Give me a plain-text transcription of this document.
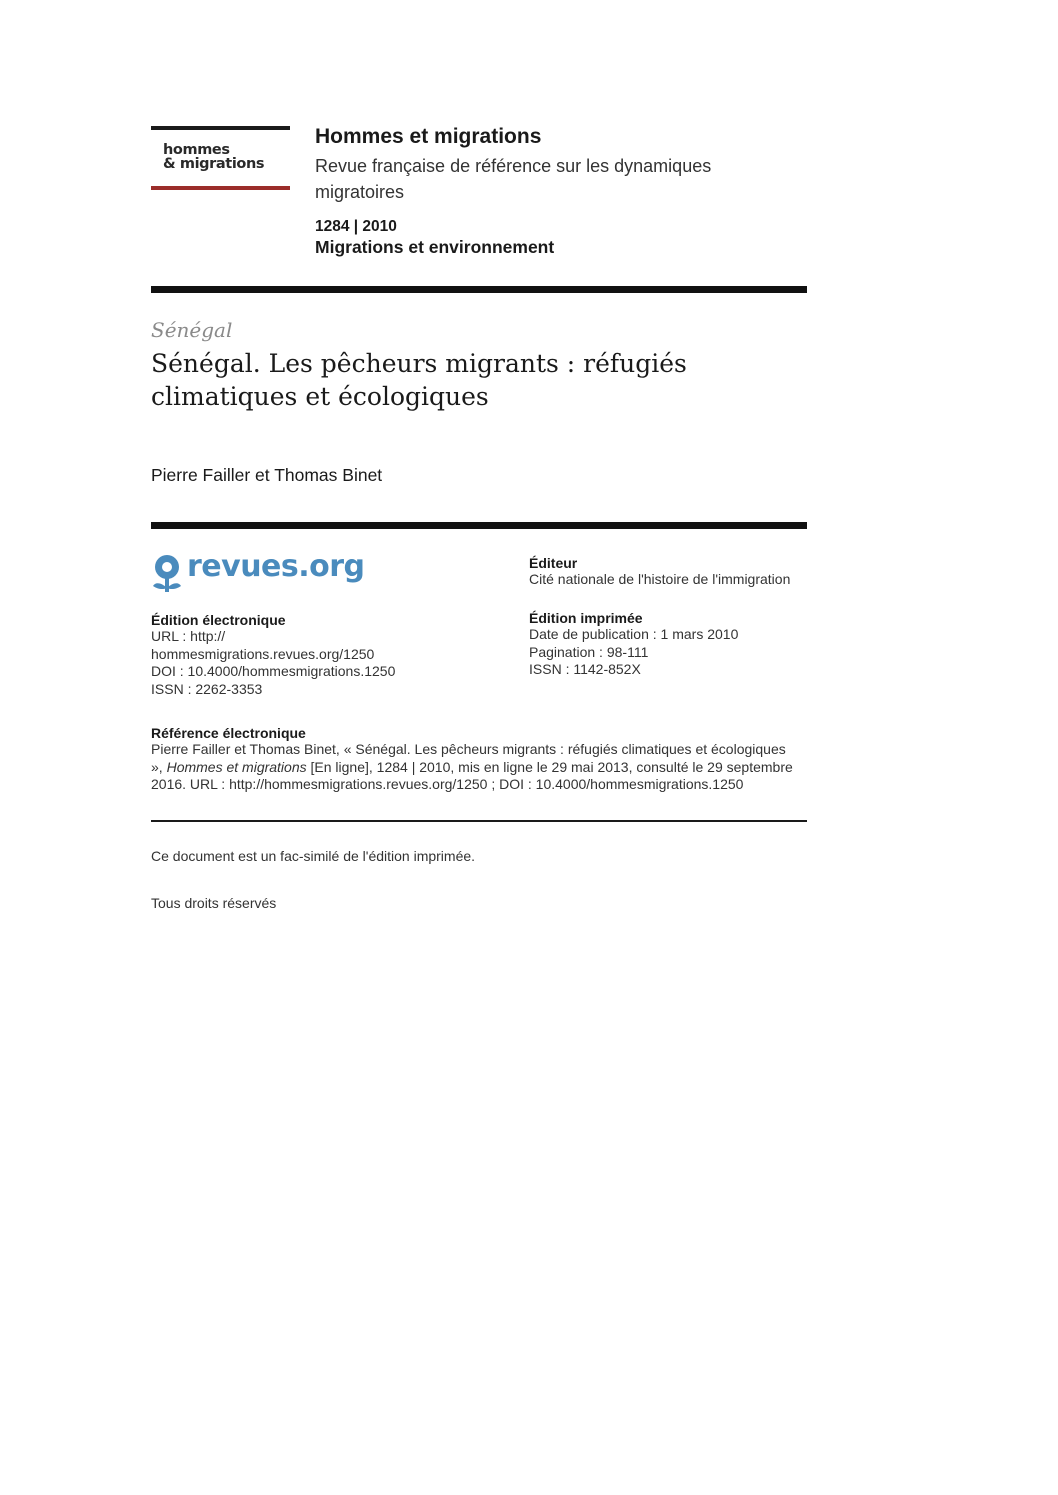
hommes
& migrations
Hommes et migrations
Revue française de référence sur les dynamiques migratoires
1284 | 2010
Migrations et environnement
Sénégal
Sénégal. Les pêcheurs migrants : réfugiés climatiques et écologiques
Pierre Failler et Thomas Binet
revues.org
Édition électronique
URL : http://
hommesmigrations.revues.org/1250
DOI : 10.4000/hommesmigrations.1250
ISSN : 2262-3353
Éditeur
Cité nationale de l'histoire de l'immigration
Édition imprimée
Date de publication : 1 mars 2010
Pagination : 98-111
ISSN : 1142-852X
Référence électronique
Pierre Failler et Thomas Binet, « Sénégal. Les pêcheurs migrants : réfugiés climatiques et écologiques
», Hommes et migrations [En ligne], 1284 | 2010, mis en ligne le 29 mai 2013, consulté le 29 septembre
2016. URL : http://hommesmigrations.revues.org/1250 ; DOI : 10.4000/hommesmigrations.1250
Ce document est un fac-similé de l'édition imprimée.
Tous droits réservés
